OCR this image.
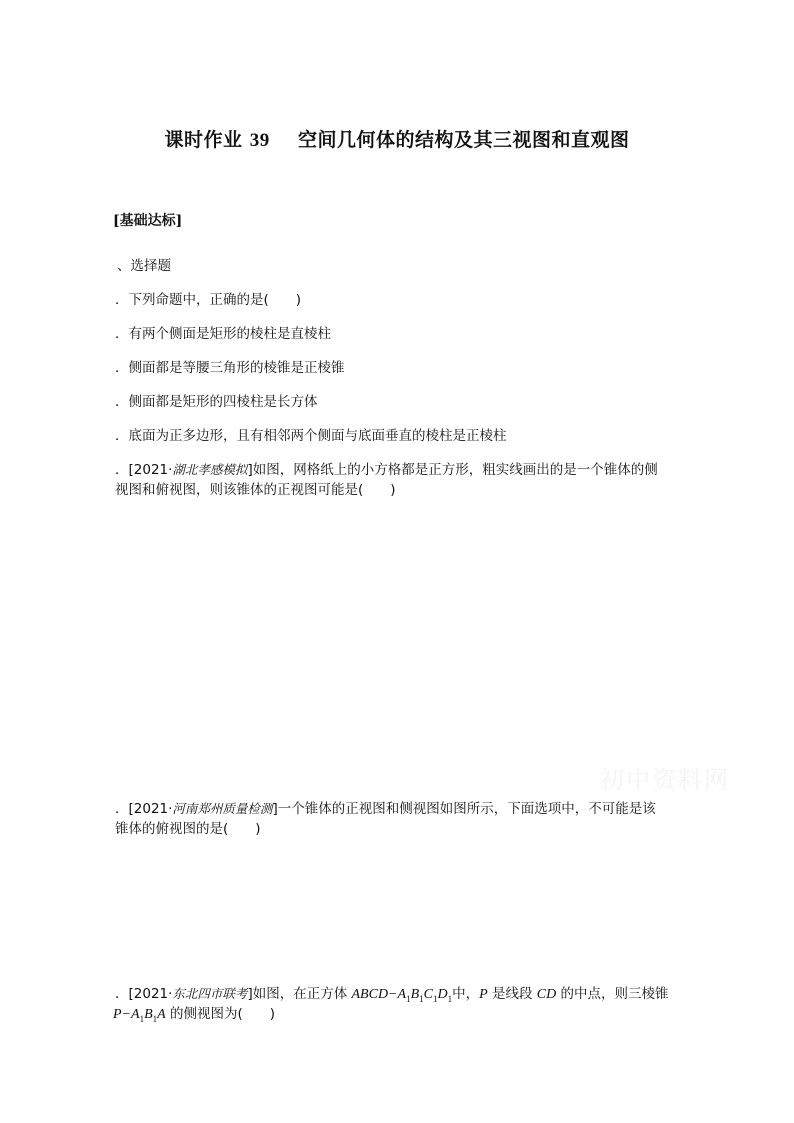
课时作业 39 空间几何体的结构及其三视图和直观图
[基础达标]
、选择题
．下列命题中，正确的是(　　)
．有两个侧面是矩形的棱柱是直棱柱
．侧面都是等腰三角形的棱锥是正棱锥
．侧面都是矩形的四棱柱是长方体
．底面为正多边形，且有相邻两个侧面与底面垂直的棱柱是正棱柱
．[2021·湖北孝感模拟]如图，网格纸上的小方格都是正方形，粗实线画出的是一个锥体的侧
视图和俯视图，则该锥体的正视图可能是(　　)
初中资料网
．[2021·河南郑州质量检测]一个锥体的正视图和侧视图如图所示，下面选项中，不可能是该
锥体的俯视图的是(　　)
．[2021·东北四市联考]如图，在正方体 $ABCD-A_1B_1C_1D_1$中，P 是线段 CD 的中点，则三棱锥
$P-A_1B_1A$ 的侧视图为(　　)
